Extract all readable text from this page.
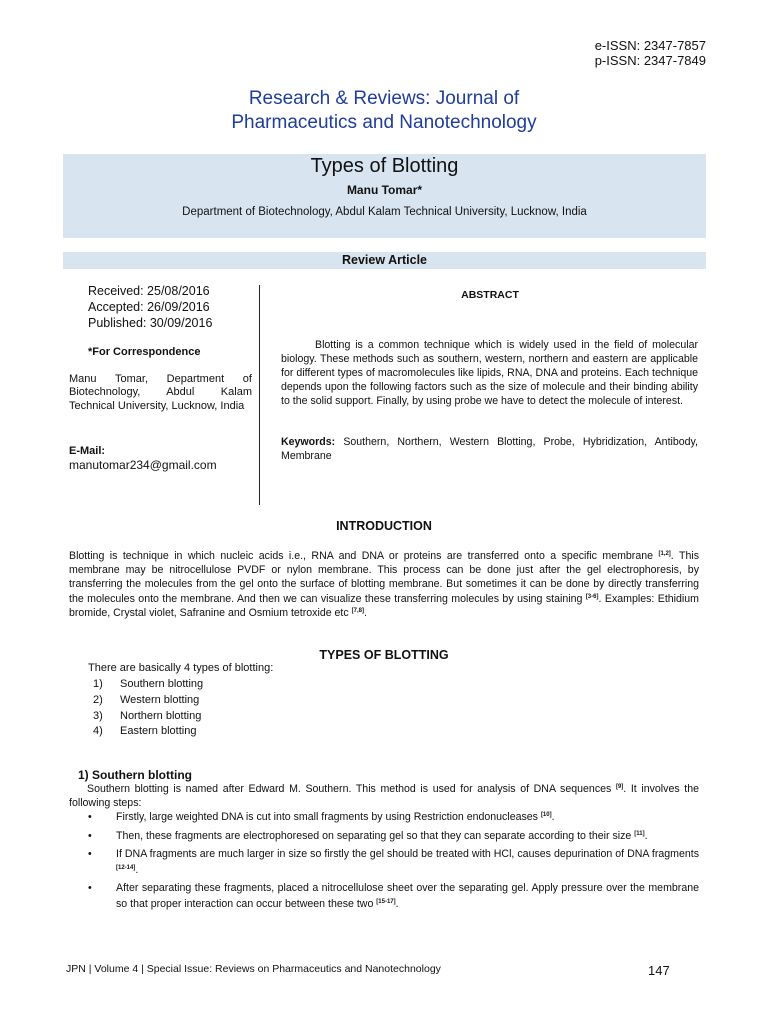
e-ISSN: 2347-7857
p-ISSN: 2347-7849
Research & Reviews: Journal of
Pharmaceutics and Nanotechnology
Types of Blotting
Manu Tomar*
Department of Biotechnology, Abdul Kalam Technical University, Lucknow, India
Review Article
Received: 25/08/2016
Accepted: 26/09/2016
Published: 30/09/2016
*For Correspondence
Manu Tomar, Department of Biotechnology, Abdul Kalam Technical University, Lucknow, India
E-Mail:
manutomar234@gmail.com
ABSTRACT
Blotting is a common technique which is widely used in the field of molecular biology. These methods such as southern, western, northern and eastern are applicable for different types of macromolecules like lipids, RNA, DNA and proteins. Each technique depends upon the following factors such as the size of molecule and their binding ability to the solid support. Finally, by using probe we have to detect the molecule of interest.
Keywords: Southern, Northern, Western Blotting, Probe, Hybridization, Antibody, Membrane
INTRODUCTION
Blotting is technique in which nucleic acids i.e., RNA and DNA or proteins are transferred onto a specific membrane [1,2]. This membrane may be nitrocellulose PVDF or nylon membrane. This process can be done just after the gel electrophoresis, by transferring the molecules from the gel onto the surface of blotting membrane. But sometimes it can be done by directly transferring the molecules onto the membrane. And then we can visualize these transferring molecules by using staining [3-6]. Examples: Ethidium bromide, Crystal violet, Safranine and Osmium tetroxide etc [7,8].
TYPES OF BLOTTING
There are basically 4 types of blotting:
1) Southern blotting
2) Western blotting
3) Northern blotting
4) Eastern blotting
1) Southern blotting
Southern blotting is named after Edward M. Southern. This method is used for analysis of DNA sequences [9]. It involves the following steps:
• Firstly, large weighted DNA is cut into small fragments by using Restriction endonucleases [10].
• Then, these fragments are electrophoresed on separating gel so that they can separate according to their size [11].
• If DNA fragments are much larger in size so firstly the gel should be treated with HCl, causes depurination of DNA fragments [12-14].
• After separating these fragments, placed a nitrocellulose sheet over the separating gel. Apply pressure over the membrane so that proper interaction can occur between these two [15-17].
JPN | Volume 4 | Special Issue: Reviews on Pharmaceutics and Nanotechnology	147
